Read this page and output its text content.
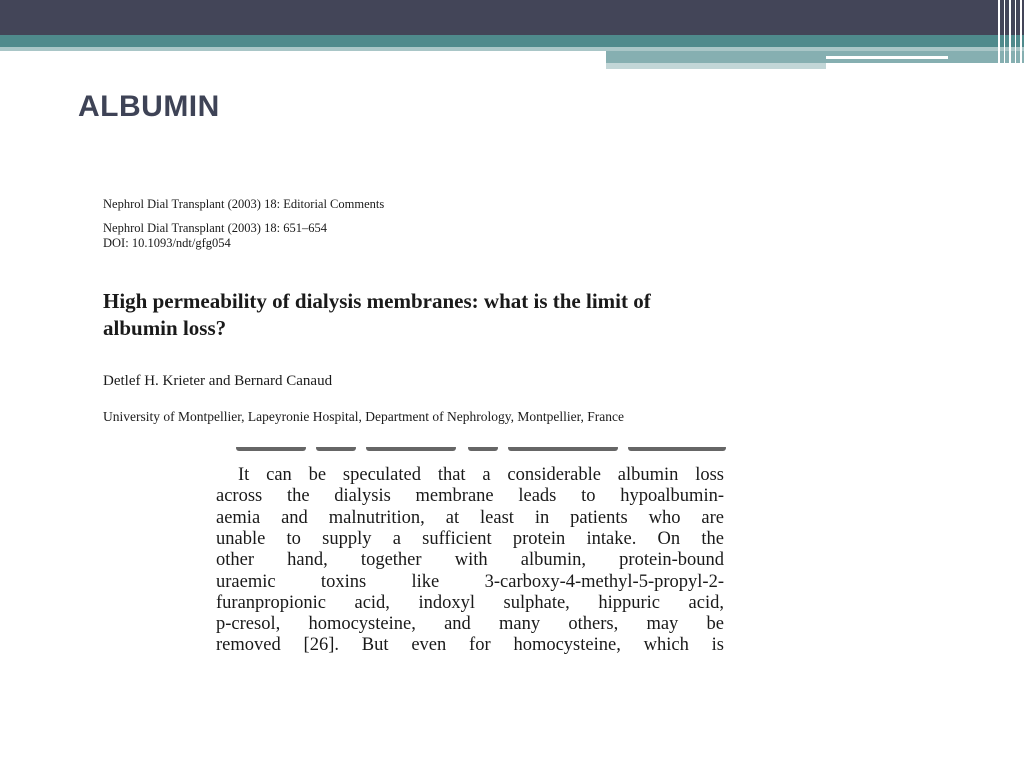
ALBUMIN
Nephrol Dial Transplant (2003) 18: Editorial Comments
Nephrol Dial Transplant (2003) 18: 651–654
DOI: 10.1093/ndt/gfg054
High permeability of dialysis membranes: what is the limit of
albumin loss?
Detlef H. Krieter and Bernard Canaud
University of Montpellier, Lapeyronie Hospital, Department of Nephrology, Montpellier, France
It can be speculated that a considerable albumin loss
across the dialysis membrane leads to hypoalbumin-
aemia and malnutrition, at least in patients who are
unable to supply a sufficient protein intake. On the
other hand, together with albumin, protein-bound
uraemic toxins like 3-carboxy-4-methyl-5-propyl-2-
furanpropionic acid, indoxyl sulphate, hippuric acid,
p-cresol, homocysteine, and many others, may be
removed [26]. But even for homocysteine, which is
